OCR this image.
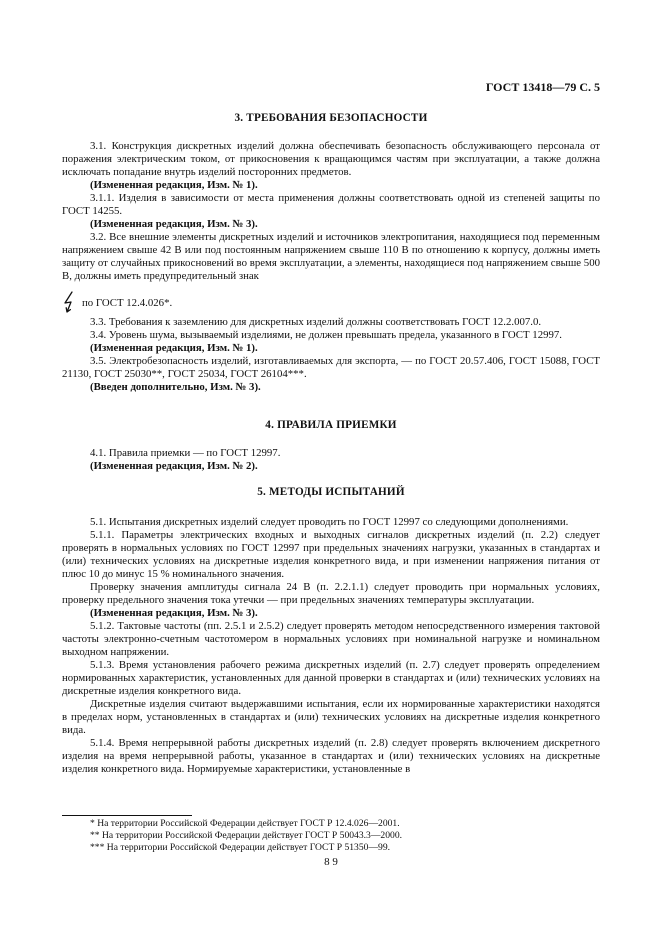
ГОСТ 13418—79 С. 5
3. ТРЕБОВАНИЯ БЕЗОПАСНОСТИ

3.1. Конструкция дискретных изделий должна обеспечивать безопасность обслуживающего персонала от поражения электрическим током, от прикосновения к вращающимся частям при эксплуатации, а также должна исключать попадание внутрь изделий посторонних предметов.

(Измененная редакция, Изм. № 1).

3.1.1. Изделия в зависимости от места применения должны соответствовать одной из степеней защиты по ГОСТ 14255.

(Измененная редакция, Изм. № 3).

3.2. Все внешние элементы дискретных изделий и источников электропитания, находящиеся под переменным напряжением свыше 42 В или под постоянным напряжением свыше 110 В по отношению к корпусу, должны иметь защиту от случайных прикосновений во время эксплуатации, а элементы, находящиеся под напряжением свыше 500 В, должны иметь предупредительный знак

по ГОСТ 12.4.026*.

3.3. Требования к заземлению для дискретных изделий должны соответствовать ГОСТ 12.2.007.0.

3.4. Уровень шума, вызываемый изделиями, не должен превышать предела, указанного в ГОСТ 12997.

(Измененная редакция, Изм. № 1).

3.5. Электробезопасность изделий, изготавливаемых для экспорта, — по ГОСТ 20.57.406, ГОСТ 15088, ГОСТ 21130, ГОСТ 25030**, ГОСТ 25034, ГОСТ 26104***.

(Введен дополнительно, Изм. № 3).

4. ПРАВИЛА ПРИЕМКИ

4.1. Правила приемки — по ГОСТ 12997.

(Измененная редакция, Изм. № 2).

5. МЕТОДЫ ИСПЫТАНИЙ

5.1. Испытания дискретных изделий следует проводить по ГОСТ 12997 со следующими дополнениями.

5.1.1. Параметры электрических входных и выходных сигналов дискретных изделий (п. 2.2) следует проверять в нормальных условиях по ГОСТ 12997 при предельных значениях нагрузки, указанных в стандартах и (или) технических условиях на дискретные изделия конкретного вида, и при изменении напряжения питания от плюс 10 до минус 15 % номинального значения.

Проверку значения амплитуды сигнала 24 В (п. 2.2.1.1) следует проводить при нормальных условиях, проверку предельного значения тока утечки — при предельных значениях температуры эксплуатации.

(Измененная редакция, Изм. № 3).

5.1.2. Тактовые частоты (пп. 2.5.1 и 2.5.2) следует проверять методом непосредственного измерения тактовой частоты электронно-счетным частотомером в нормальных условиях при номинальной нагрузке и номинальном выходном напряжении.

5.1.3. Время установления рабочего режима дискретных изделий (п. 2.7) следует проверять определением нормированных характеристик, установленных для данной проверки в стандартах и (или) технических условиях на дискретные изделия конкретного вида.

Дискретные изделия считают выдержавшими испытания, если их нормированные характеристики находятся в пределах норм, установленных в стандартах и (или) технических условиях на дискретные изделия конкретного вида.

5.1.4. Время непрерывной работы дискретных изделий (п. 2.8) следует проверять включением дискретного изделия на время непрерывной работы, указанное в стандартах и (или) технических условиях на дискретные изделия конкретного вида. Нормируемые характеристики, установленные в

* На территории Российской Федерации действует ГОСТ Р 12.4.026—2001.

** На территории Российской Федерации действует ГОСТ Р 50043.3—2000.

*** На территории Российской Федерации действует ГОСТ Р 51350—99.

8 9
